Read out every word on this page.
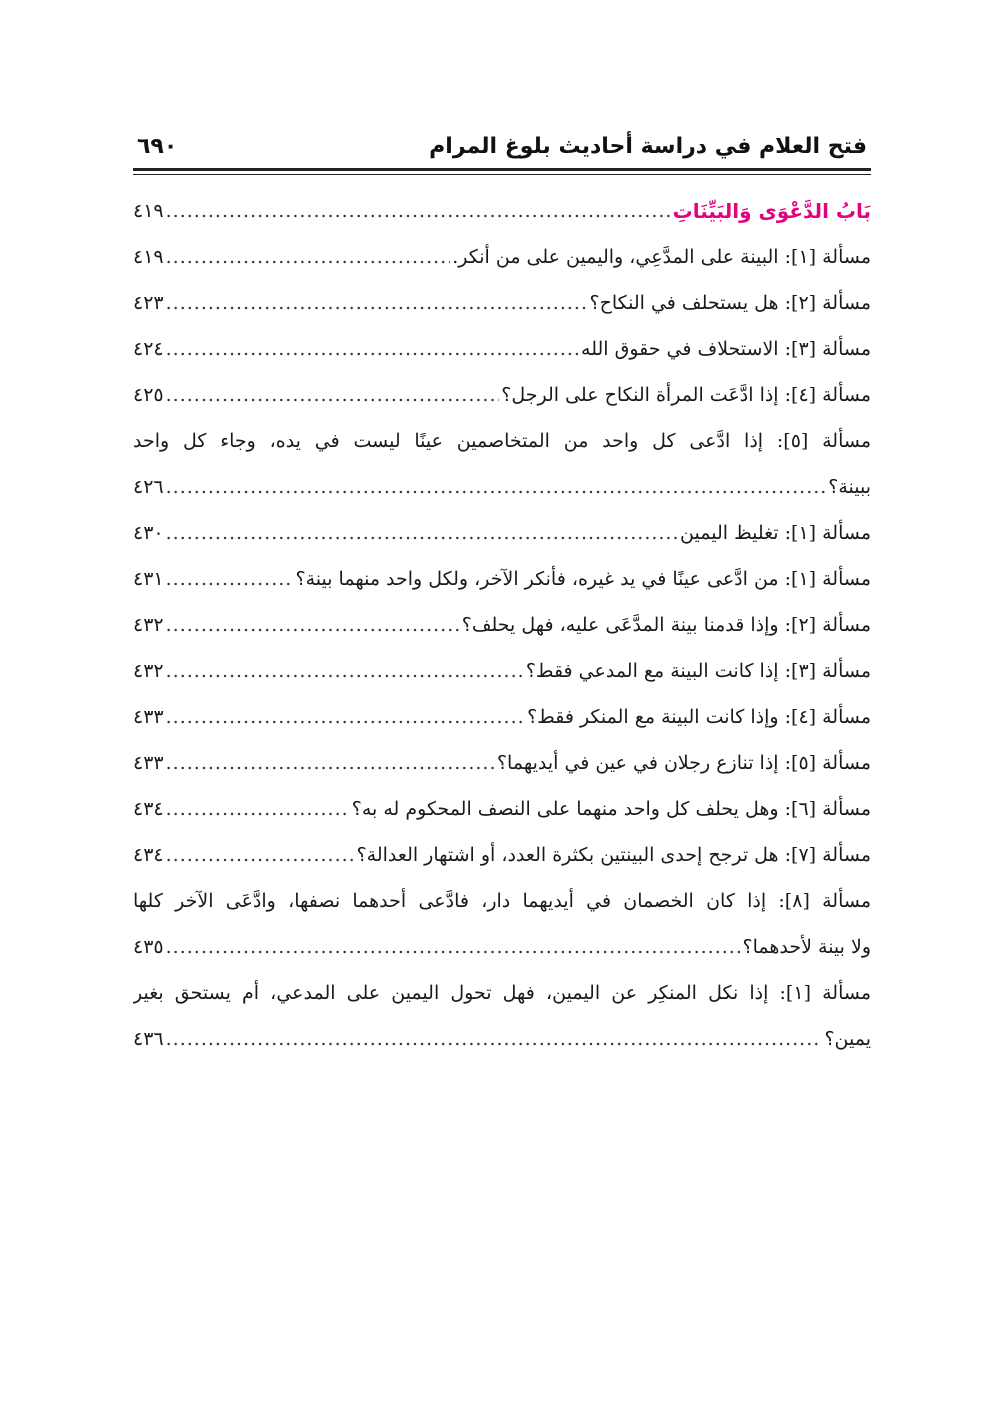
فتح العلام في دراسة أحاديث بلوغ المرام
٦٩٠
بَابُ الدَّعْوَى وَالبَيِّنَاتِ
.....
٤١٩
مسألة [١]: البينة على المدَّعِي، واليمين على من أنكر.
.....
٤١٩
مسألة [٢]: هل يستحلف في النكاح؟
.....
٤٢٣
مسألة [٣]: الاستحلاف في حقوق الله
.....
٤٢٤
مسألة [٤]: إذا ادَّعَت المرأة النكاح على الرجل؟
.....
٤٢٥
مسألة [٥]: إذا ادَّعى كل واحد من المتخاصمين عينًا ليست في يده، وجاء كل واحد
ببينة؟
.....
٤٢٦
مسألة [١]: تغليظ اليمين
.....
٤٣٠
مسألة [١]: من ادَّعى عينًا في يد غيره، فأنكر الآخر، ولكل واحد منهما بينة؟
.....
٤٣١
مسألة [٢]: وإذا قدمنا بينة المدَّعَى عليه، فهل يحلف؟
.....
٤٣٢
مسألة [٣]: إذا كانت البينة مع المدعي فقط؟
.....
٤٣٢
مسألة [٤]: وإذا كانت البينة مع المنكر فقط؟
.....
٤٣٣
مسألة [٥]: إذا تنازع رجلان في عين في أيديهما؟
.....
٤٣٣
مسألة [٦]: وهل يحلف كل واحد منهما على النصف المحكوم له به؟
.....
٤٣٤
مسألة [٧]: هل ترجح إحدى البينتين بكثرة العدد، أو اشتهار العدالة؟
.....
٤٣٤
مسألة [٨]: إذا كان الخصمان في أيديهما دار، فادَّعى أحدهما نصفها، وادَّعَى الآخر كلها
ولا بينة لأحدهما؟
.....
٤٣٥
مسألة [١]: إذا نكل المنكِر عن اليمين، فهل تحول اليمين على المدعي، أم يستحق بغير
يمين؟
.....
٤٣٦
